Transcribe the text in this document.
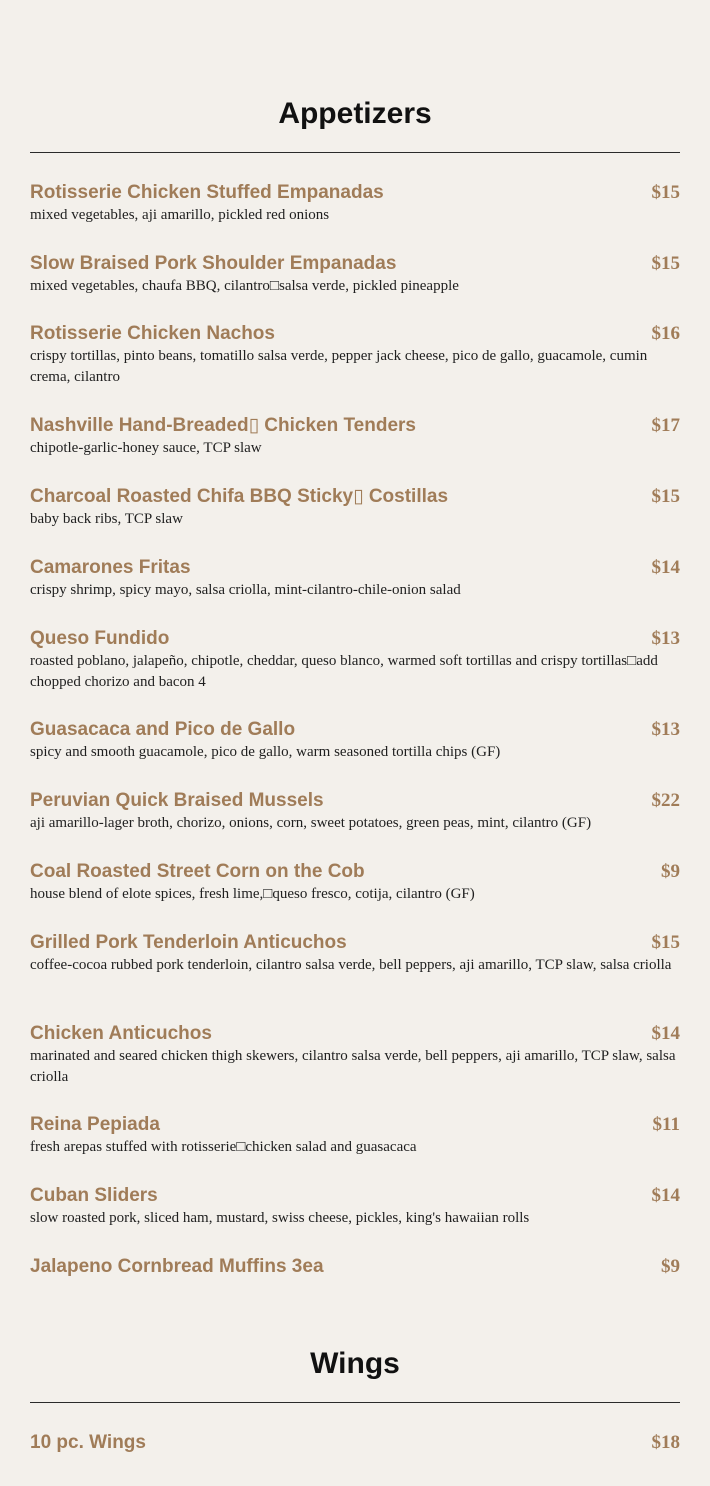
Appetizers
Rotisserie Chicken Stuffed Empanadas	$15
mixed vegetables, aji amarillo, pickled red onions
Slow Braised Pork Shoulder Empanadas	$15
mixed vegetables, chaufa BBQ, cilantro□salsa verde, pickled pineapple
Rotisserie Chicken Nachos	$16
crispy tortillas, pinto beans, tomatillo salsa verde, pepper jack cheese, pico de gallo, guacamole, cumin crema, cilantro
Nashville Hand-Breaded▯ Chicken Tenders	$17
chipotle-garlic-honey sauce, TCP slaw
Charcoal Roasted Chifa BBQ Sticky▯ Costillas	$15
baby back ribs, TCP slaw
Camarones Fritas	$14
crispy shrimp, spicy mayo, salsa criolla, mint-cilantro-chile-onion salad
Queso Fundido	$13
roasted poblano, jalapeño, chipotle, cheddar, queso blanco, warmed soft tortillas and crispy tortillas□add chopped chorizo and bacon 4
Guasacaca and Pico de Gallo	$13
spicy and smooth guacamole, pico de gallo, warm seasoned tortilla chips (GF)
Peruvian Quick Braised Mussels	$22
aji amarillo-lager broth, chorizo, onions, corn, sweet potatoes, green peas, mint, cilantro (GF)
Coal Roasted Street Corn on the Cob	$9
house blend of elote spices, fresh lime,□queso fresco, cotija, cilantro (GF)
Grilled Pork Tenderloin Anticuchos	$15
coffee-cocoa rubbed pork tenderloin, cilantro salsa verde, bell peppers, aji amarillo, TCP slaw, salsa criolla
Chicken Anticuchos	$14
marinated and seared chicken thigh skewers, cilantro salsa verde, bell peppers, aji amarillo, TCP slaw, salsa criolla
Reina Pepiada	$11
fresh arepas stuffed with rotisserie□chicken salad and guasacaca
Cuban Sliders	$14
slow roasted pork, sliced ham, mustard, swiss cheese, pickles, king's hawaiian rolls
Jalapeno Cornbread Muffins 3ea	$9
Wings
10 pc. Wings	$18
